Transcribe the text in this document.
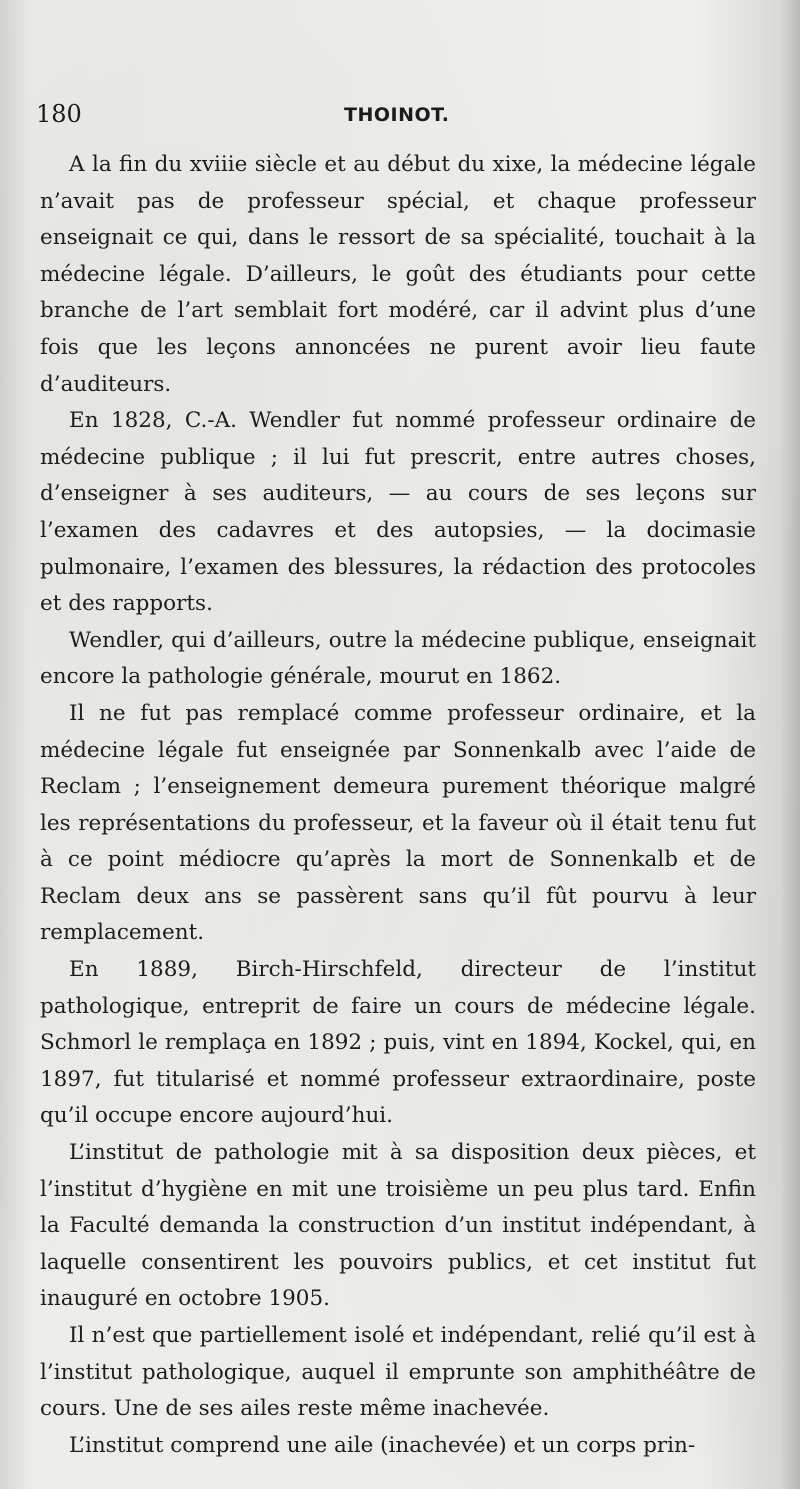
180	THOINOT.

A la fin du xviiie siècle et au début du xixe, la médecine légale n’avait pas de professeur spécial, et chaque professeur enseignait ce qui, dans le ressort de sa spécialité, touchait à la médecine légale. D’ailleurs, le goût des étudiants pour cette branche de l’art semblait fort modéré, car il advint plus d’une fois que les leçons annoncées ne purent avoir lieu faute d’auditeurs.

En 1828, C.-A. Wendler fut nommé professeur ordinaire de médecine publique ; il lui fut prescrit, entre autres choses, d’enseigner à ses auditeurs, — au cours de ses leçons sur l’examen des cadavres et des autopsies, — la docimasie pulmonaire, l’examen des blessures, la rédaction des protocoles et des rapports.

Wendler, qui d’ailleurs, outre la médecine publique, enseignait encore la pathologie générale, mourut en 1862.

Il ne fut pas remplacé comme professeur ordinaire, et la médecine légale fut enseignée par Sonnenkalb avec l’aide de Reclam ; l’enseignement demeura purement théorique malgré les représentations du professeur, et la faveur où il était tenu fut à ce point médiocre qu’après la mort de Sonnenkalb et de Reclam deux ans se passèrent sans qu’il fût pourvu à leur remplacement.

En 1889, Birch-Hirschfeld, directeur de l’institut pathologique, entreprit de faire un cours de médecine légale. Schmorl le remplaça en 1892 ; puis, vint en 1894, Kockel, qui, en 1897, fut titularisé et nommé professeur extraordinaire, poste qu’il occupe encore aujourd’hui.

L’institut de pathologie mit à sa disposition deux pièces, et l’institut d’hygiène en mit une troisième un peu plus tard. Enfin la Faculté demanda la construction d’un institut indépendant, à laquelle consentirent les pouvoirs publics, et cet institut fut inauguré en octobre 1905.

Il n’est que partiellement isolé et indépendant, relié qu’il est à l’institut pathologique, auquel il emprunte son amphithéâtre de cours. Une de ses ailes reste même inachevée.

L’institut comprend une aile (inachevée) et un corps prin-
